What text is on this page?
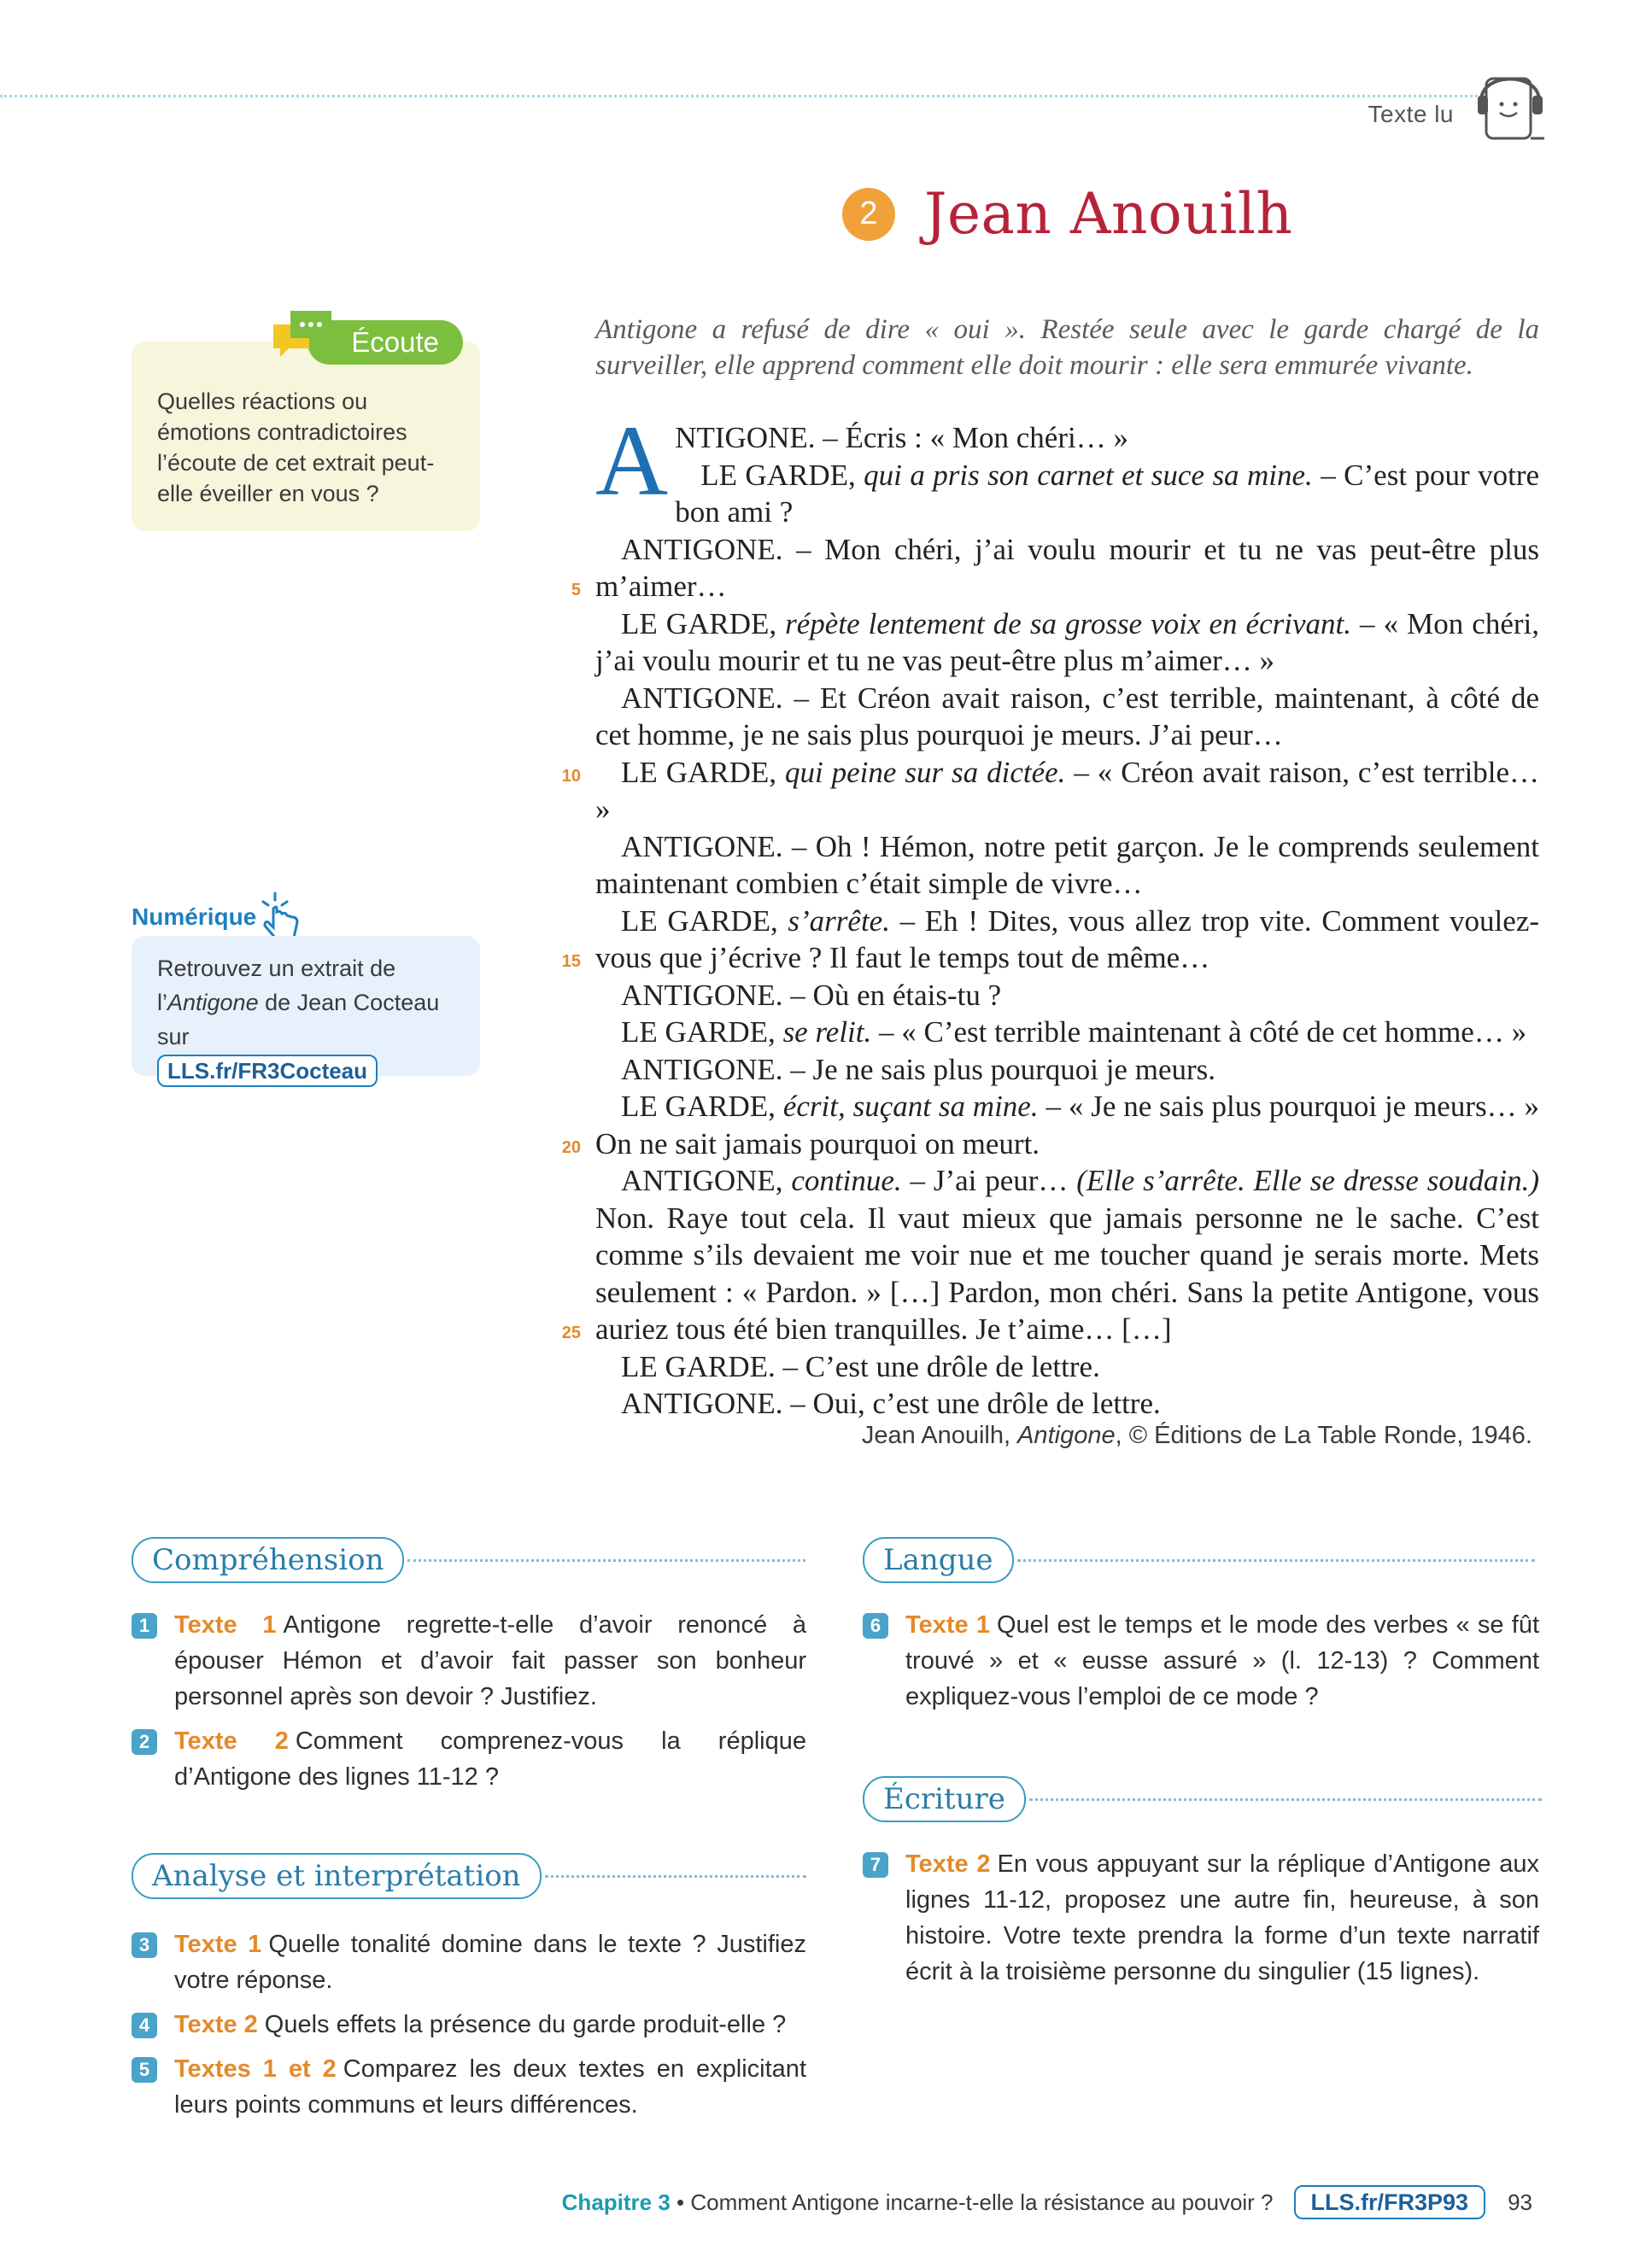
Texte lu
2 Jean Anouilh
Écoute
Quelles réactions ou émotions contradictoires l’écoute de cet extrait peut-elle éveiller en vous ?
Numérique
Retrouvez un extrait de l’Antigone de Jean Cocteau sur
LLS.fr/FR3Cocteau
Antigone a refusé de dire « oui ». Restée seule avec le garde chargé de la surveiller, elle apprend comment elle doit mourir : elle sera emmurée vivante.

ANTIGONE. – Écris : « Mon chéri… »

LE GARDE, qui a pris son carnet et suce sa mine. – C’est pour votre bon ami ?

ANTIGONE. – Mon chéri, j’ai voulu mourir et tu ne vas peut-être plus m’aimer…

LE GARDE, répète lentement de sa grosse voix en écrivant. – « Mon chéri, j’ai voulu mourir et tu ne vas peut-être plus m’aimer… »

ANTIGONE. – Et Créon avait raison, c’est terrible, maintenant, à côté de cet homme, je ne sais plus pourquoi je meurs. J’ai peur…

LE GARDE, qui peine sur sa dictée. – « Créon avait raison, c’est terrible… »

ANTIGONE. – Oh ! Hémon, notre petit garçon. Je le comprends seulement maintenant combien c’était simple de vivre…

LE GARDE, s’arrête. – Eh ! Dites, vous allez trop vite. Comment voulez-vous que j’écrive ? Il faut le temps tout de même…

ANTIGONE. – Où en étais-tu ?

LE GARDE, se relit. – « C’est terrible maintenant à côté de cet homme… »

ANTIGONE. – Je ne sais plus pourquoi je meurs.

LE GARDE, écrit, suçant sa mine. – « Je ne sais plus pourquoi je meurs… » On ne sait jamais pourquoi on meurt.

ANTIGONE, continue. – J’ai peur… (Elle s’arrête. Elle se dresse soudain.) Non. Raye tout cela. Il vaut mieux que jamais personne ne le sache. C’est comme s’ils devaient me voir nue et me toucher quand je serais morte. Mets seulement : « Pardon. » […] Pardon, mon chéri. Sans la petite Antigone, vous auriez tous été bien tranquilles. Je t’aime… […]

LE GARDE. – C’est une drôle de lettre.

ANTIGONE. – Oui, c’est une drôle de lettre.

5
10
15
20
25
Jean Anouilh, Antigone, © Éditions de La Table Ronde, 1946.
Compréhension
1 Texte 1 Antigone regrette-t-elle d’avoir renoncé à épouser Hémon et d’avoir fait passer son bonheur personnel après son devoir ? Justifiez.
2 Texte 2 Comment comprenez-vous la réplique d’Antigone des lignes 11-12 ?
Analyse et interprétation
3 Texte 1 Quelle tonalité domine dans le texte ? Justifiez votre réponse.
4 Texte 2 Quels effets la présence du garde produit-elle ?
5 Textes 1 et 2 Comparez les deux textes en explicitant leurs points communs et leurs différences.
Langue
6 Texte 1 Quel est le temps et le mode des verbes « se fût trouvé » et « eusse assuré » (l. 12-13) ? Comment expliquez-vous l’emploi de ce mode ?
Écriture
7 Texte 2 En vous appuyant sur la réplique d’Antigone aux lignes 11-12, proposez une autre fin, heureuse, à son histoire. Votre texte prendra la forme d’un texte narratif écrit à la troisième personne du singulier (15 lignes).
Chapitre 3 • Comment Antigone incarne-t-elle la résistance au pouvoir ?	LLS.fr/FR3P93	93
